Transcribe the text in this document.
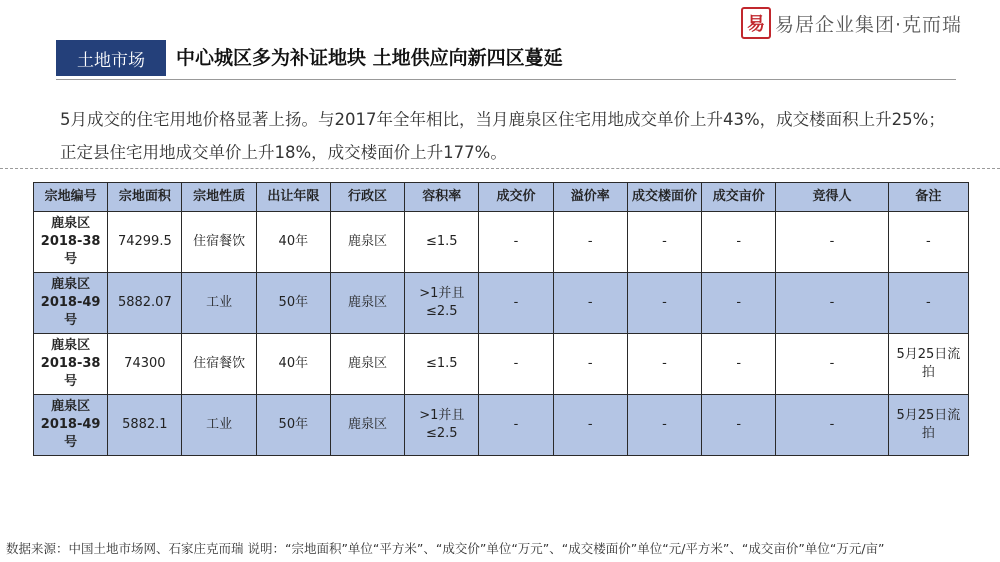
易 易居企业集团·克而瑞
土地市场	中心城区多为补证地块 土地供应向新四区蔓延
5月成交的住宅用地价格显著上扬。与2017年全年相比，当月鹿泉区住宅用地成交单价上升43%，成交楼面积上升25%；正定县住宅用地成交单价上升18%，成交楼面价上升177%。
宗地编号	宗地面积	宗地性质	出让年限	行政区	容积率	成交价	溢价率	成交楼面价	成交亩价	竞得人	备注
鹿泉区2018-38号	74299.5	住宿餐饮	40年	鹿泉区	≤1.5	-	-	-	-	-	-
鹿泉区2018-49号	5882.07	工业	50年	鹿泉区	>1并且≤2.5	-	-	-	-	-	-
鹿泉区2018-38号	74300	住宿餐饮	40年	鹿泉区	≤1.5	-	-	-	-	-	5月25日流拍
鹿泉区2018-49号	5882.1	工业	50年	鹿泉区	>1并且≤2.5	-	-	-	-	-	5月25日流拍
数据来源：中国土地市场网、石家庄克而瑞 说明：“宗地面积”单位“平方米”、“成交价”单位“万元”、“成交楼面价”单位“元/平方米”、“成交亩价”单位“万元/亩”
